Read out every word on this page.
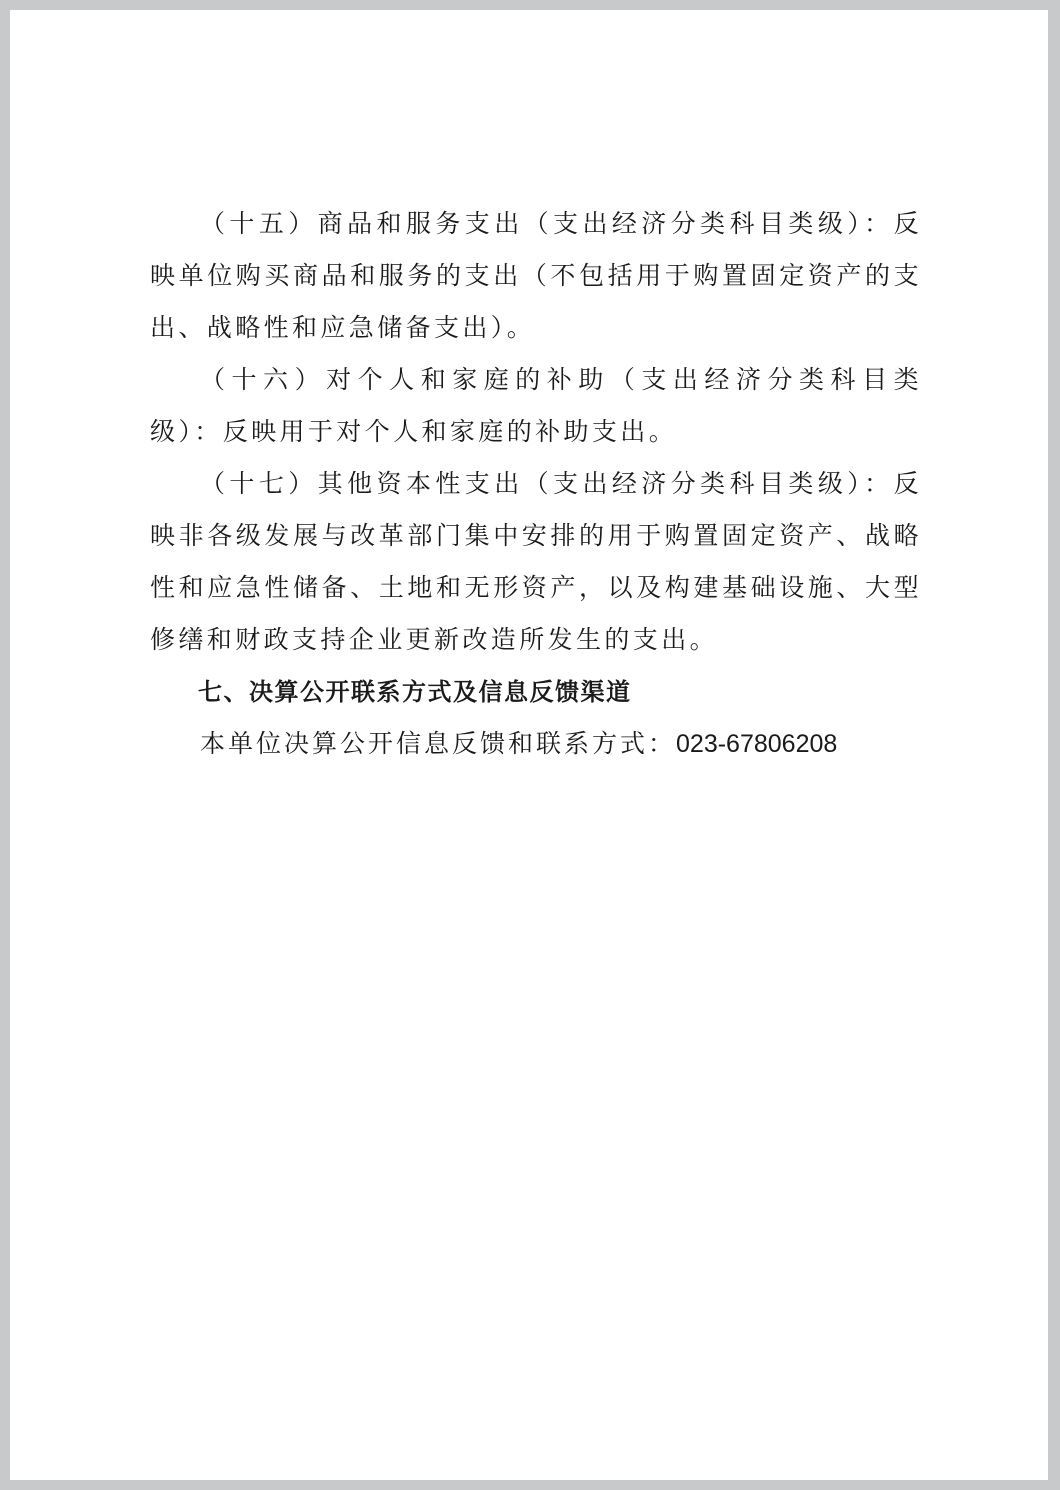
（十五）商品和服务支出（支出经济分类科目类级）：反映单位购买商品和服务的支出（不包括用于购置固定资产的支出、战略性和应急储备支出）。

（十六）对个人和家庭的补助（支出经济分类科目类级）：反映用于对个人和家庭的补助支出。

（十七）其他资本性支出（支出经济分类科目类级）：反映非各级发展与改革部门集中安排的用于购置固定资产、战略性和应急性储备、土地和无形资产，以及构建基础设施、大型修缮和财政支持企业更新改造所发生的支出。

七、决算公开联系方式及信息反馈渠道

本单位决算公开信息反馈和联系方式：023-67806208
